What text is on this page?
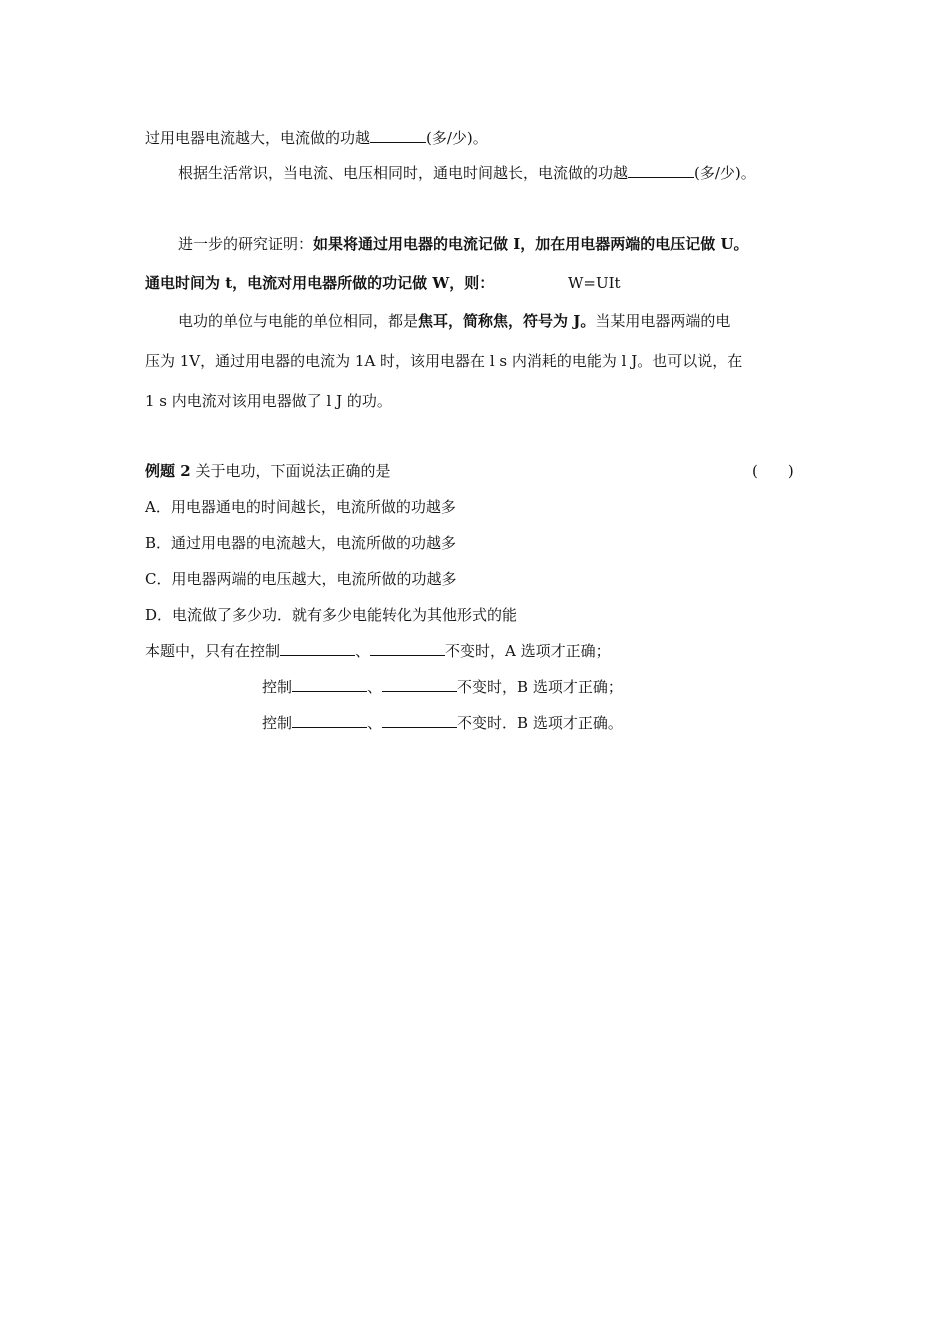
过用电器电流越大，电流做的功越	(多/少)。
根据生活常识，当电流、电压相同时，通电时间越长，电流做的功越	(多/少)。
进一步的研究证明：如果将通过用电器的电流记做 I，加在用电器两端的电压记做 U。
通电时间为 t，电流对用电器所做的功记做 W，则：	W=UIt
电功的单位与电能的单位相同，都是焦耳，简称焦，符号为 J。当某用电器两端的电
压为 1V，通过用电器的电流为 1A 时，该用电器在 l s 内消耗的电能为 l J。也可以说，在
1 s 内电流对该用电器做了 l J 的功。
例题 2 关于电功，下面说法正确的是	(　　)
A．用电器通电的时间越长，电流所做的功越多
B．通过用电器的电流越大，电流所做的功越多
C．用电器两端的电压越大，电流所做的功越多
D．电流做了多少功．就有多少电能转化为其他形式的能
本题中，只有在控制	、	不变时，A 选项才正确；
控制	、	不变时，B 选项才正确；
控制	、	不变时．B 选项才正确。
